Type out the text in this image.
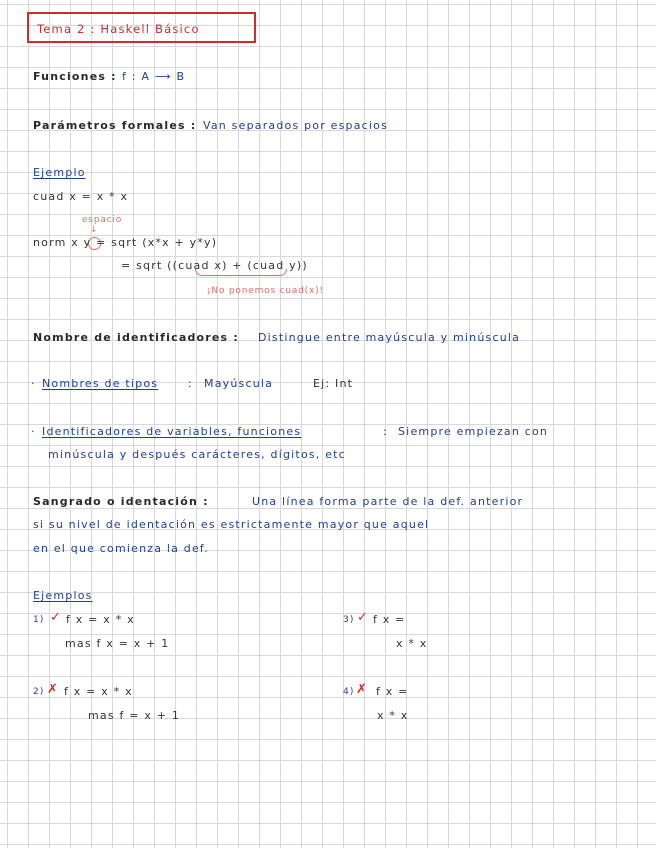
Tema 2 : Haskell Básico
Funciones : f : A ⟶ B
Parámetros formales : Van separados por espacios
Ejemplo
cuad x = x * x
espacio
↓
norm x y = sqrt (x*x + y*y)
= sqrt ((cuad x) + (cuad y))
¡No ponemos cuad(x)!
Nombre de identificadores : Distingue entre mayúscula y minúscula
· Nombres de tipos	: Mayúscula	Ej: Int
· Identificadores de variables, funciones	: Siempre empiezan con
minúscula y después carácteres, dígitos, etc
Sangrado o identación :	Una línea forma parte de la def. anterior
si su nivel de identación es estrictamente mayor que aquel
en el que comienza la def.
Ejemplos
1) ✓ f x = x * x
mas f x = x + 1
2) ✗ f x = x * x
mas f = x + 1
3) ✓ f x =
x * x
4) ✗ f x =
x * x
